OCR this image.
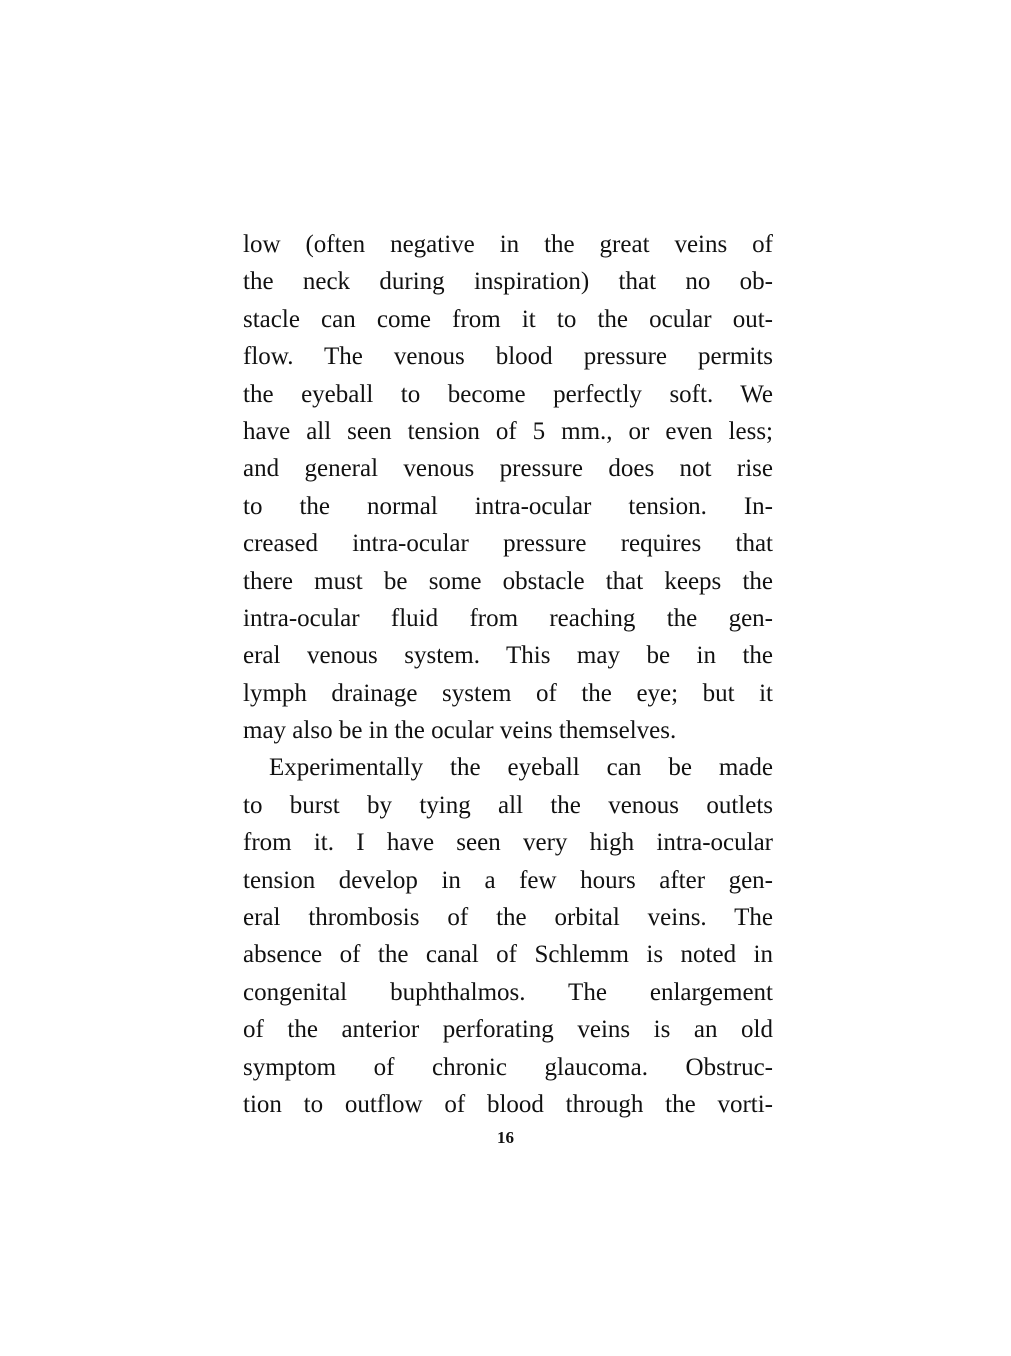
low (often negative in the great veins of
the neck during inspiration) that no ob-
stacle can come from it to the ocular out-
flow. The venous blood pressure permits
the eyeball to become perfectly soft. We
have all seen tension of 5 mm., or even less;
and general venous pressure does not rise
to the normal intra-ocular tension. In-
creased intra-ocular pressure requires that
there must be some obstacle that keeps the
intra-ocular fluid from reaching the gen-
eral venous system. This may be in the
lymph drainage system of the eye; but it
may also be in the ocular veins themselves.
Experimentally the eyeball can be made
to burst by tying all the venous outlets
from it. I have seen very high intra-ocular
tension develop in a few hours after gen-
eral thrombosis of the orbital veins. The
absence of the canal of Schlemm is noted in
congenital buphthalmos. The enlargement
of the anterior perforating veins is an old
symptom of chronic glaucoma. Obstruc-
tion to outflow of blood through the vorti-
16
